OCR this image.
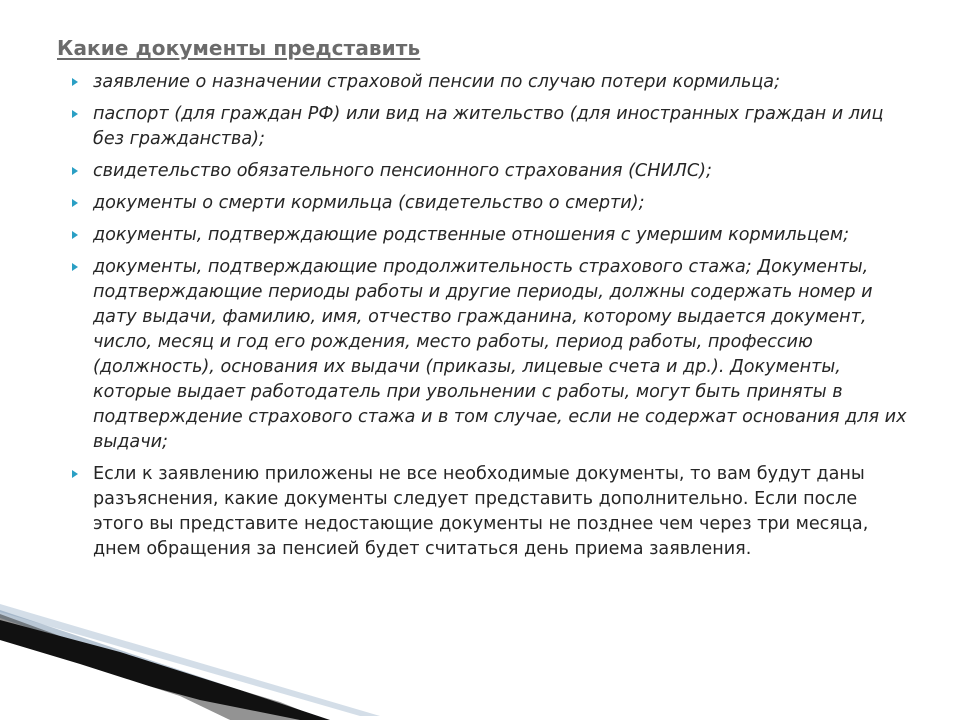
Какие документы представить
заявление о назначении страховой пенсии по случаю потери кормильца;
паспорт (для граждан РФ) или вид на жительство (для иностранных граждан и лиц без гражданства);
свидетельство обязательного пенсионного страхования (СНИЛС);
документы о смерти кормильца (свидетельство о смерти);
документы, подтверждающие родственные отношения с умершим кормильцем;
документы, подтверждающие продолжительность страхового стажа; Документы, подтверждающие периоды работы и другие периоды, должны содержать номер и дату выдачи, фамилию, имя, отчество гражданина, которому выдается документ, число, месяц и год его рождения, место работы, период работы, профессию (должность), основания их выдачи (приказы, лицевые счета и др.). Документы, которые выдает работодатель при увольнении с работы, могут быть приняты в подтверждение страхового стажа и в том случае, если не содержат основания для их выдачи;
Если к заявлению приложены не все необходимые документы, то вам будут даны разъяснения, какие документы следует представить дополнительно. Если после этого вы представите недостающие документы не позднее чем через три месяца, днем обращения за пенсией будет считаться день приема заявления.
